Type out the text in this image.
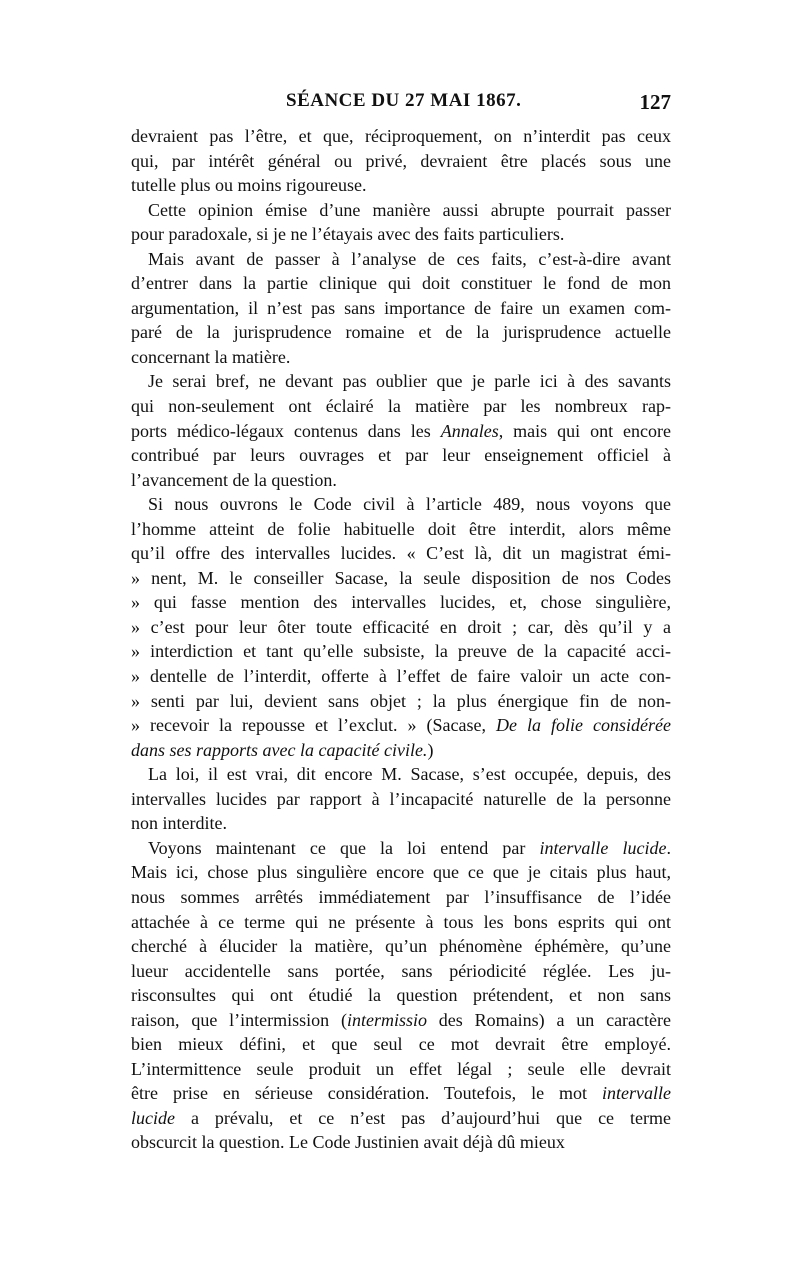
SÉANCE DU 27 MAI 1867.	127
devraient pas l’être, et que, réciproquement, on n’interdit pas ceux
qui, par intérêt général ou privé, devraient être placés sous une
tutelle plus ou moins rigoureuse.
Cette opinion émise d’une manière aussi abrupte pourrait passer
pour paradoxale, si je ne l’étayais avec des faits particuliers.
Mais avant de passer à l’analyse de ces faits, c’est-à-dire avant
d’entrer dans la partie clinique qui doit constituer le fond de mon
argumentation, il n’est pas sans importance de faire un examen com-
paré de la jurisprudence romaine et de la jurisprudence actuelle
concernant la matière.
Je serai bref, ne devant pas oublier que je parle ici à des savants
qui non-seulement ont éclairé la matière par les nombreux rap-
ports médico-légaux contenus dans les Annales, mais qui ont encore
contribué par leurs ouvrages et par leur enseignement officiel à
l’avancement de la question.
Si nous ouvrons le Code civil à l’article 489, nous voyons que
l’homme atteint de folie habituelle doit être interdit, alors même
qu’il offre des intervalles lucides. « C’est là, dit un magistrat émi-
» nent, M. le conseiller Sacase, la seule disposition de nos Codes
» qui fasse mention des intervalles lucides, et, chose singulière,
» c’est pour leur ôter toute efficacité en droit ; car, dès qu’il y a
» interdiction et tant qu’elle subsiste, la preuve de la capacité acci-
» dentelle de l’interdit, offerte à l’effet de faire valoir un acte con-
» senti par lui, devient sans objet ; la plus énergique fin de non-
» recevoir la repousse et l’exclut. » (Sacase, De la folie considérée
dans ses rapports avec la capacité civile.)
La loi, il est vrai, dit encore M. Sacase, s’est occupée, depuis, des
intervalles lucides par rapport à l’incapacité naturelle de la personne
non interdite.
Voyons maintenant ce que la loi entend par intervalle lucide.
Mais ici, chose plus singulière encore que ce que je citais plus haut,
nous sommes arrêtés immédiatement par l’insuffisance de l’idée
attachée à ce terme qui ne présente à tous les bons esprits qui ont
cherché à élucider la matière, qu’un phénomène éphémère, qu’une
lueur accidentelle sans portée, sans périodicité réglée. Les ju-
risconsultes qui ont étudié la question prétendent, et non sans
raison, que l’intermission (intermissio des Romains) a un caractère
bien mieux défini, et que seul ce mot devrait être employé.
L’intermittence seule produit un effet légal ; seule elle devrait
être prise en sérieuse considération. Toutefois, le mot intervalle
lucide a prévalu, et ce n’est pas d’aujourd’hui que ce terme
obscurcit la question. Le Code Justinien avait déjà dû mieux
